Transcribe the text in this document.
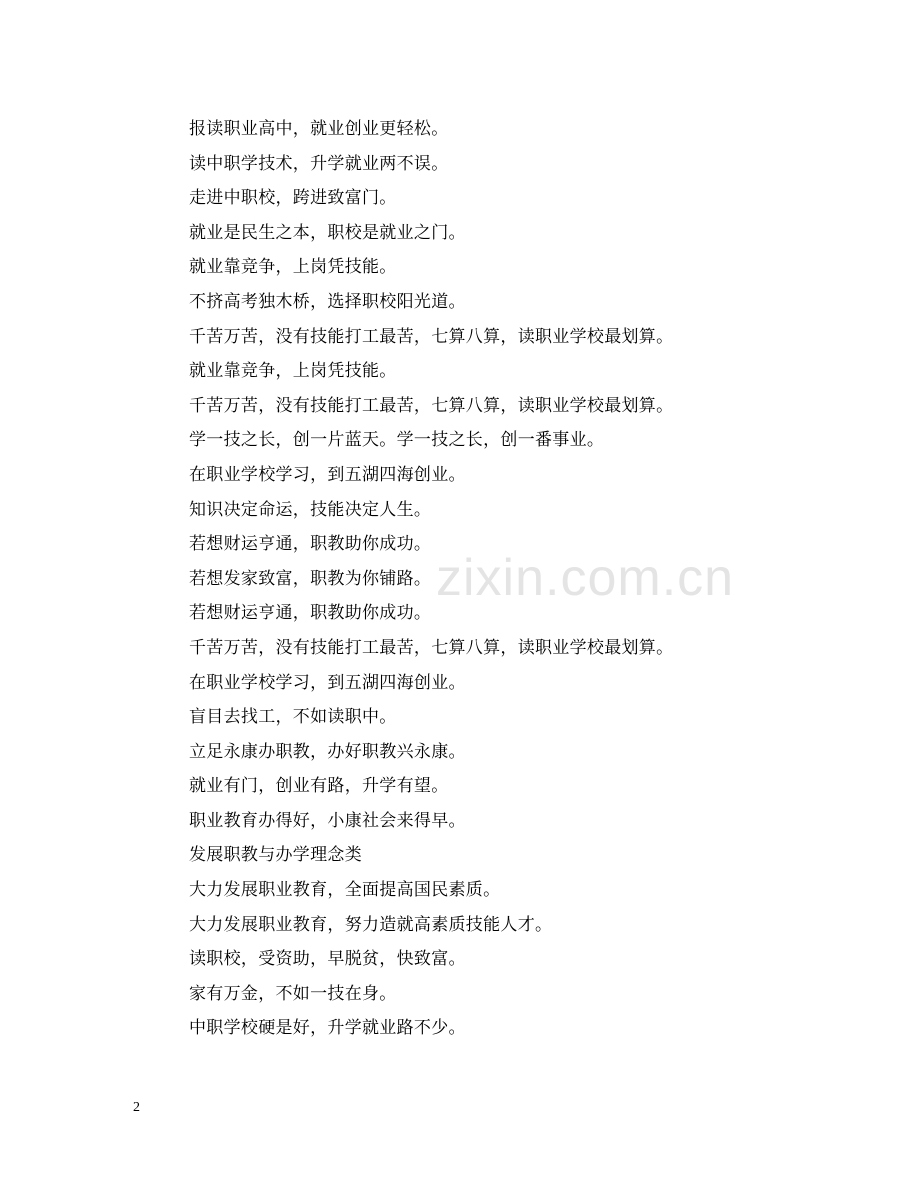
zixin.com.cn
报读职业高中，就业创业更轻松。
读中职学技术，升学就业两不误。
走进中职校，跨进致富门。
就业是民生之本，职校是就业之门。
就业靠竞争，上岗凭技能。
不挤高考独木桥，选择职校阳光道。
千苦万苦，没有技能打工最苦，七算八算，读职业学校最划算。
就业靠竞争，上岗凭技能。
千苦万苦，没有技能打工最苦，七算八算，读职业学校最划算。
学一技之长，创一片蓝天。学一技之长，创一番事业。
在职业学校学习，到五湖四海创业。
知识决定命运，技能决定人生。
若想财运亨通，职教助你成功。
若想发家致富，职教为你铺路。
若想财运亨通，职教助你成功。
千苦万苦，没有技能打工最苦，七算八算，读职业学校最划算。
在职业学校学习，到五湖四海创业。
盲目去找工，不如读职中。
立足永康办职教，办好职教兴永康。
就业有门，创业有路，升学有望。
职业教育办得好，小康社会来得早。
发展职教与办学理念类
大力发展职业教育，全面提高国民素质。
大力发展职业教育，努力造就高素质技能人才。
读职校，受资助，早脱贫，快致富。
家有万金，不如一技在身。
中职学校硬是好，升学就业路不少。
2
